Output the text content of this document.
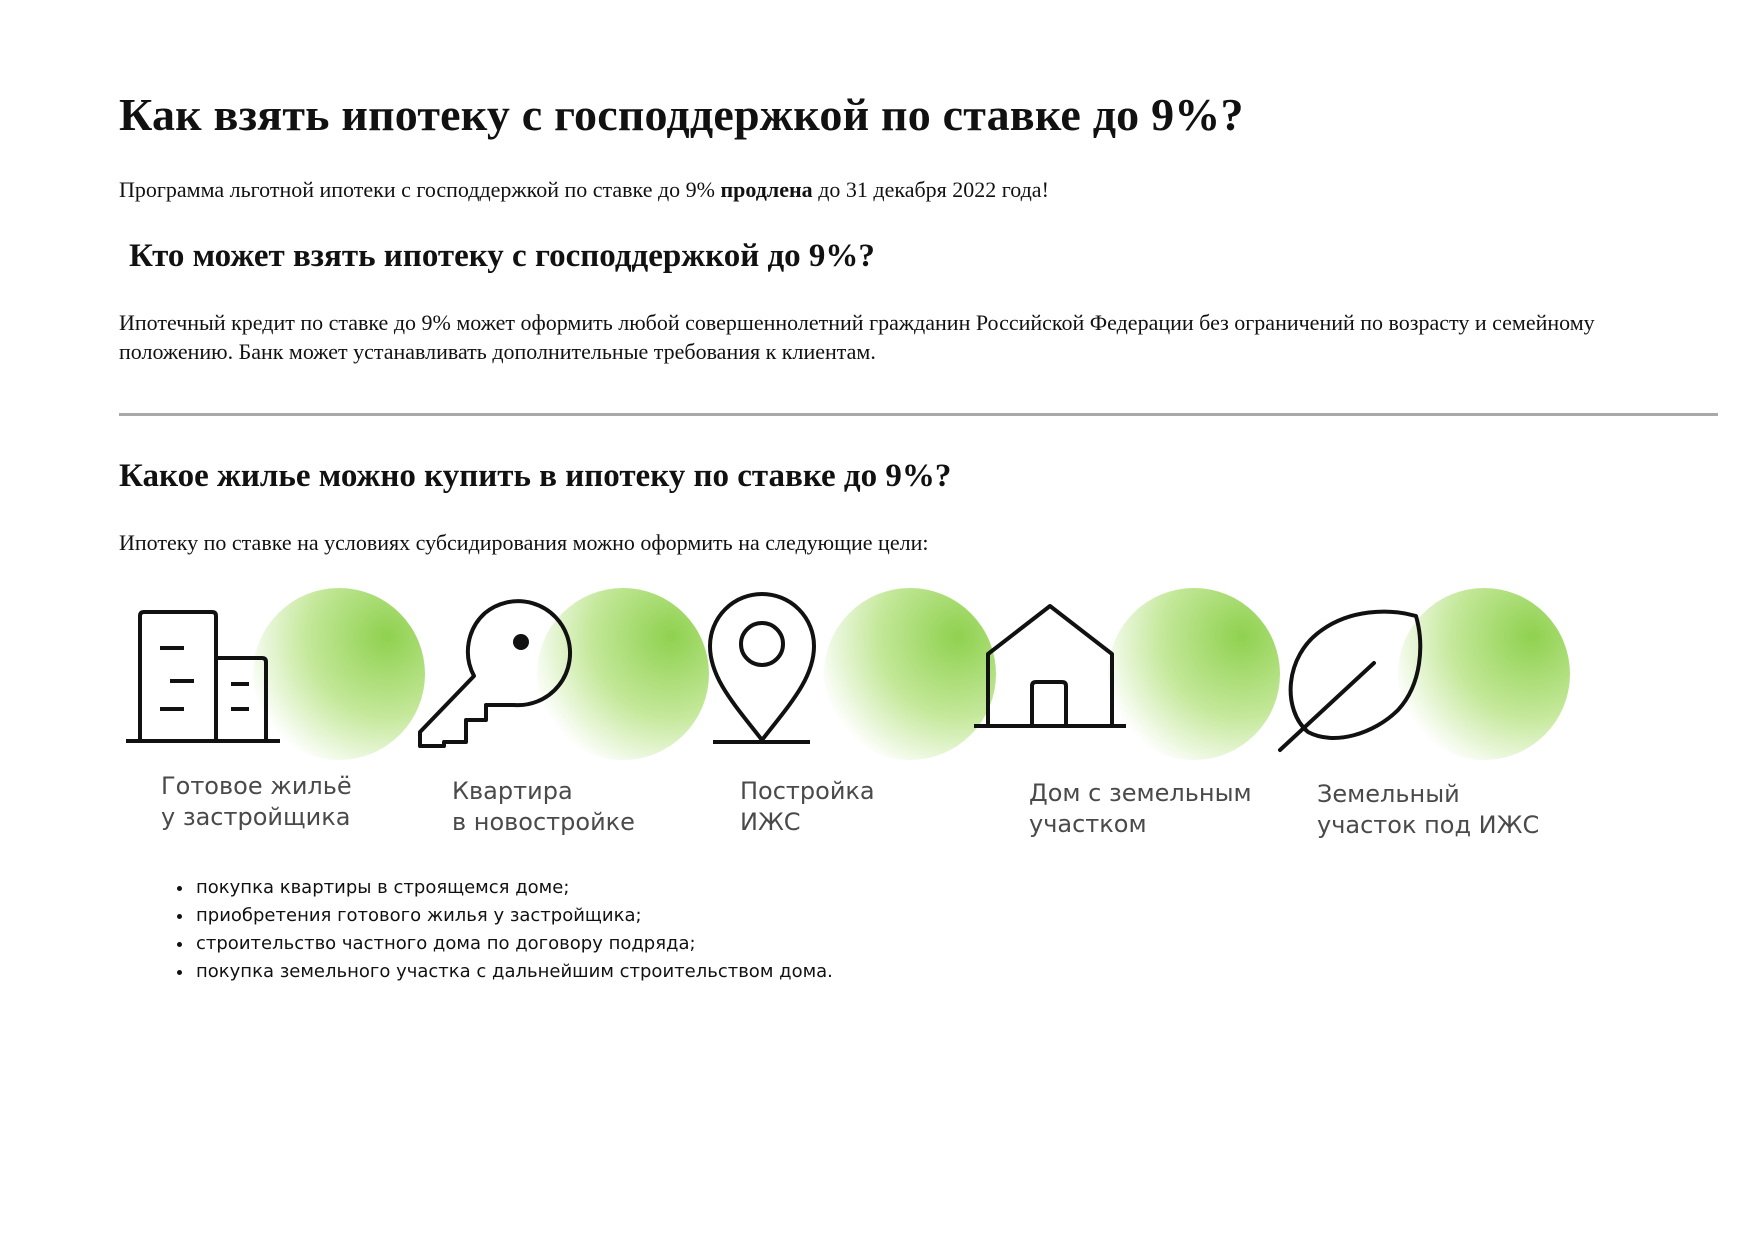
Как взять ипотеку с господдержкой по ставке до 9%?

Программа льготной ипотеки с господдержкой по ставке до 9% продлена до 31 декабря 2022 года!

Кто может взять ипотеку с господдержкой до 9%?

Ипотечный кредит по ставке до 9% может оформить любой совершеннолетний гражданин Российской Федерации без ограничений по возрасту и семейному положению. Банк может устанавливать дополнительные требования к клиентам.

Какое жилье можно купить в ипотеку по ставке до 9%?

Ипотеку по ставке на условиях субсидирования можно оформить на следующие цели:

Готовое жильё
у застройщика
Квартира
в новостройке
Постройка
ИЖС
Дом с земельным
участком
Земельный
участок под ИЖС
• покупка квартиры в строящемся доме;
• приобретения готового жилья у застройщика;
• строительство частного дома по договору подряда;
• покупка земельного участка с дальнейшим строительством дома.
